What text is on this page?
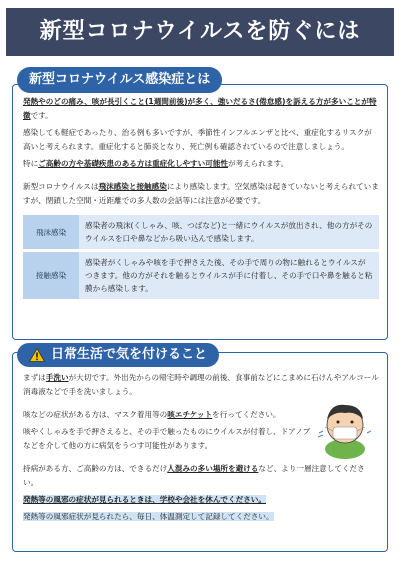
新型コロナウイルスを防ぐには
新型コロナウイルス感染症とは
発熱やのどの痛み、咳が長引くこと(1週間前後)が多く、強いだるさ(倦怠感)を訴える方が多いことが特徴です。
感染しても軽症であったり、治る例も多いですが、季節性インフルエンザと比べ、重症化するリスクが高いと考えられます。重症化すると肺炎となり、死亡例も確認されているので注意しましょう。
特にご高齢の方や基礎疾患のある方は重症化しやすい可能性が考えられます。
新型コロナウイルスは飛沫感染と接触感染により感染します。空気感染は起きていないと考えられていますが、閉鎖した空間・近距離での多人数の会話等には注意が必要です。
飛沫感染	感染者の飛沫(くしゃみ、咳、つばなど)と一緒にウイルスが放出され、他の方がそのウイルスを口や鼻などから吸い込んで感染します。
接触感染	感染者がくしゃみや咳を手で押さえた後、その手で周りの物に触れるとウイルスがつきます。他の方がそれを触るとウイルスが手に付着し、その手で口や鼻を触ると粘膜から感染します。
日常生活で気を付けること
まずは手洗いが大切です。外出先からの帰宅時や調理の前後、食事前などにこまめに石けんやアルコール消毒液などで手を洗いましょう。
咳などの症状がある方は、マスク着用等の咳エチケットを行ってください。
咳やくしゃみを手で押さえると、その手で触ったものにウイルスが付着し、ドアノブなどを介して他の方に病気をうつす可能性があります。
持病がある方、ご高齢の方は、できるだけ人混みの多い場所を避けるなど、より一層注意してください。
発熱等の風邪の症状が見られるときは、学校や会社を休んでください。
発熱等の風邪症状が見られたら、毎日、体温測定して記録してください。
